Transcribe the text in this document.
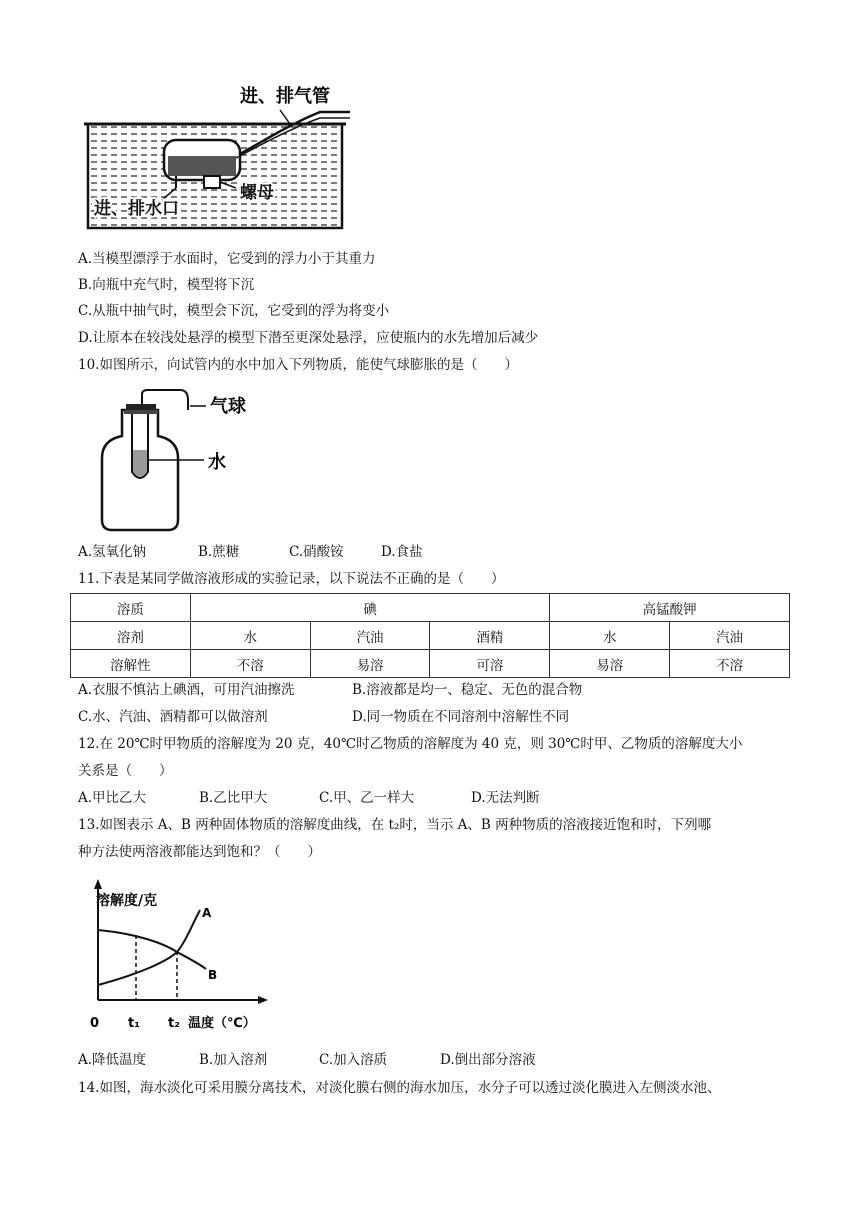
进、排气管
进、排水口
螺母
A.当模型漂浮于水面时，它受到的浮力小于其重力
B.向瓶中充气时，模型将下沉
C.从瓶中抽气时，模型会下沉，它受到的浮为将变小
D.让原本在较浅处悬浮的模型下潜至更深处悬浮，应使瓶内的水先增加后减少
10.如图所示，向试管内的水中加入下列物质，能使气球膨胀的是（　　）
气球
水
A.氢氧化钠	B.蔗糖	C.硝酸铵	D.食盐
11.下表是某同学做溶液形成的实验记录，以下说法不正确的是（　　）
溶质	碘			高锰酸钾	
溶剂	水	汽油	酒精	水	汽油
溶解性	不溶	易溶	可溶	易溶	不溶
A.衣服不慎沾上碘酒，可用汽油擦洗	B.溶液都是均一、稳定、无色的混合物
C.水、汽油、酒精都可以做溶剂	D.同一物质在不同溶剂中溶解性不同
12.在 20℃时甲物质的溶解度为 20 克，40℃时乙物质的溶解度为 40 克，则 30℃时甲、乙物质的溶解度大小
关系是（　　）
A.甲比乙大	B.乙比甲大	C.甲、乙一样大	D.无法判断
13.如图表示 A、B 两种固体物质的溶解度曲线，在 t₂时，当示 A、B 两种物质的溶液接近饱和时，下列哪
种方法使两溶液都能达到饱和？（　　）
溶解度/克
A
B
0 t₁ t₂ 温度（℃）
A.降低温度	B.加入溶剂	C.加入溶质	D.倒出部分溶液
14.如图，海水淡化可采用膜分离技术，对淡化膜右侧的海水加压，水分子可以透过淡化膜进入左侧淡水池、
